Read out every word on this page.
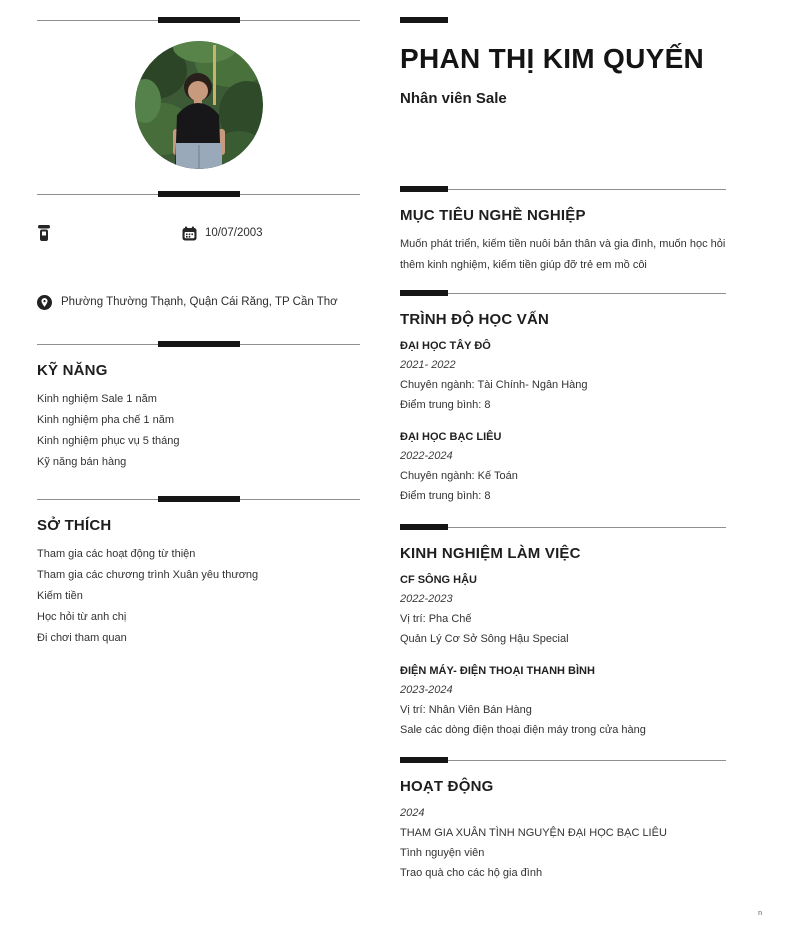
10/07/2003
Phường Thường Thạnh, Quận Cái Răng, TP Cần Thơ
KỸ NĂNG
Kinh nghiệm Sale 1 năm
Kinh nghiệm pha chế 1 năm
Kinh nghiệm phục vụ 5 tháng
Kỹ năng bán hàng
SỞ THÍCH
Tham gia các hoạt động từ thiện
Tham gia các chương trình Xuân yêu thương
Kiếm tiền
Học hỏi từ anh chị
Đi chơi tham quan
PHAN THỊ KIM QUYẾN
Nhân viên Sale
MỤC TIÊU NGHỀ NGHIỆP
Muốn phát triển, kiếm tiền nuôi bản thân và gia đình, muốn học hỏi thêm kinh nghiệm, kiếm tiền giúp đỡ trẻ em mồ côi
TRÌNH ĐỘ HỌC VẤN
ĐẠI HỌC TÂY ĐÔ
2021- 2022
Chuyên ngành: Tài Chính- Ngân Hàng
Điểm trung bình: 8
ĐẠI HỌC BẠC LIÊU
2022-2024
Chuyên ngành: Kế Toán
Điểm trung bình: 8
KINH NGHIỆM LÀM VIỆC
CF SÔNG HẬU
2022-2023
Vị trí: Pha Chế
Quản Lý Cơ Sở Sông Hậu Special
ĐIỆN MÁY- ĐIỆN THOẠI THANH BÌNH
2023-2024
Vị trí: Nhân Viên Bán Hàng
Sale các dòng điện thoại điện máy trong cửa hàng
HOẠT ĐỘNG
2024
THAM GIA XUÂN TÌNH NGUYỆN ĐẠI HỌC BẠC LIÊU
Tình nguyện viên
Trao quà cho các hộ gia đình
n
